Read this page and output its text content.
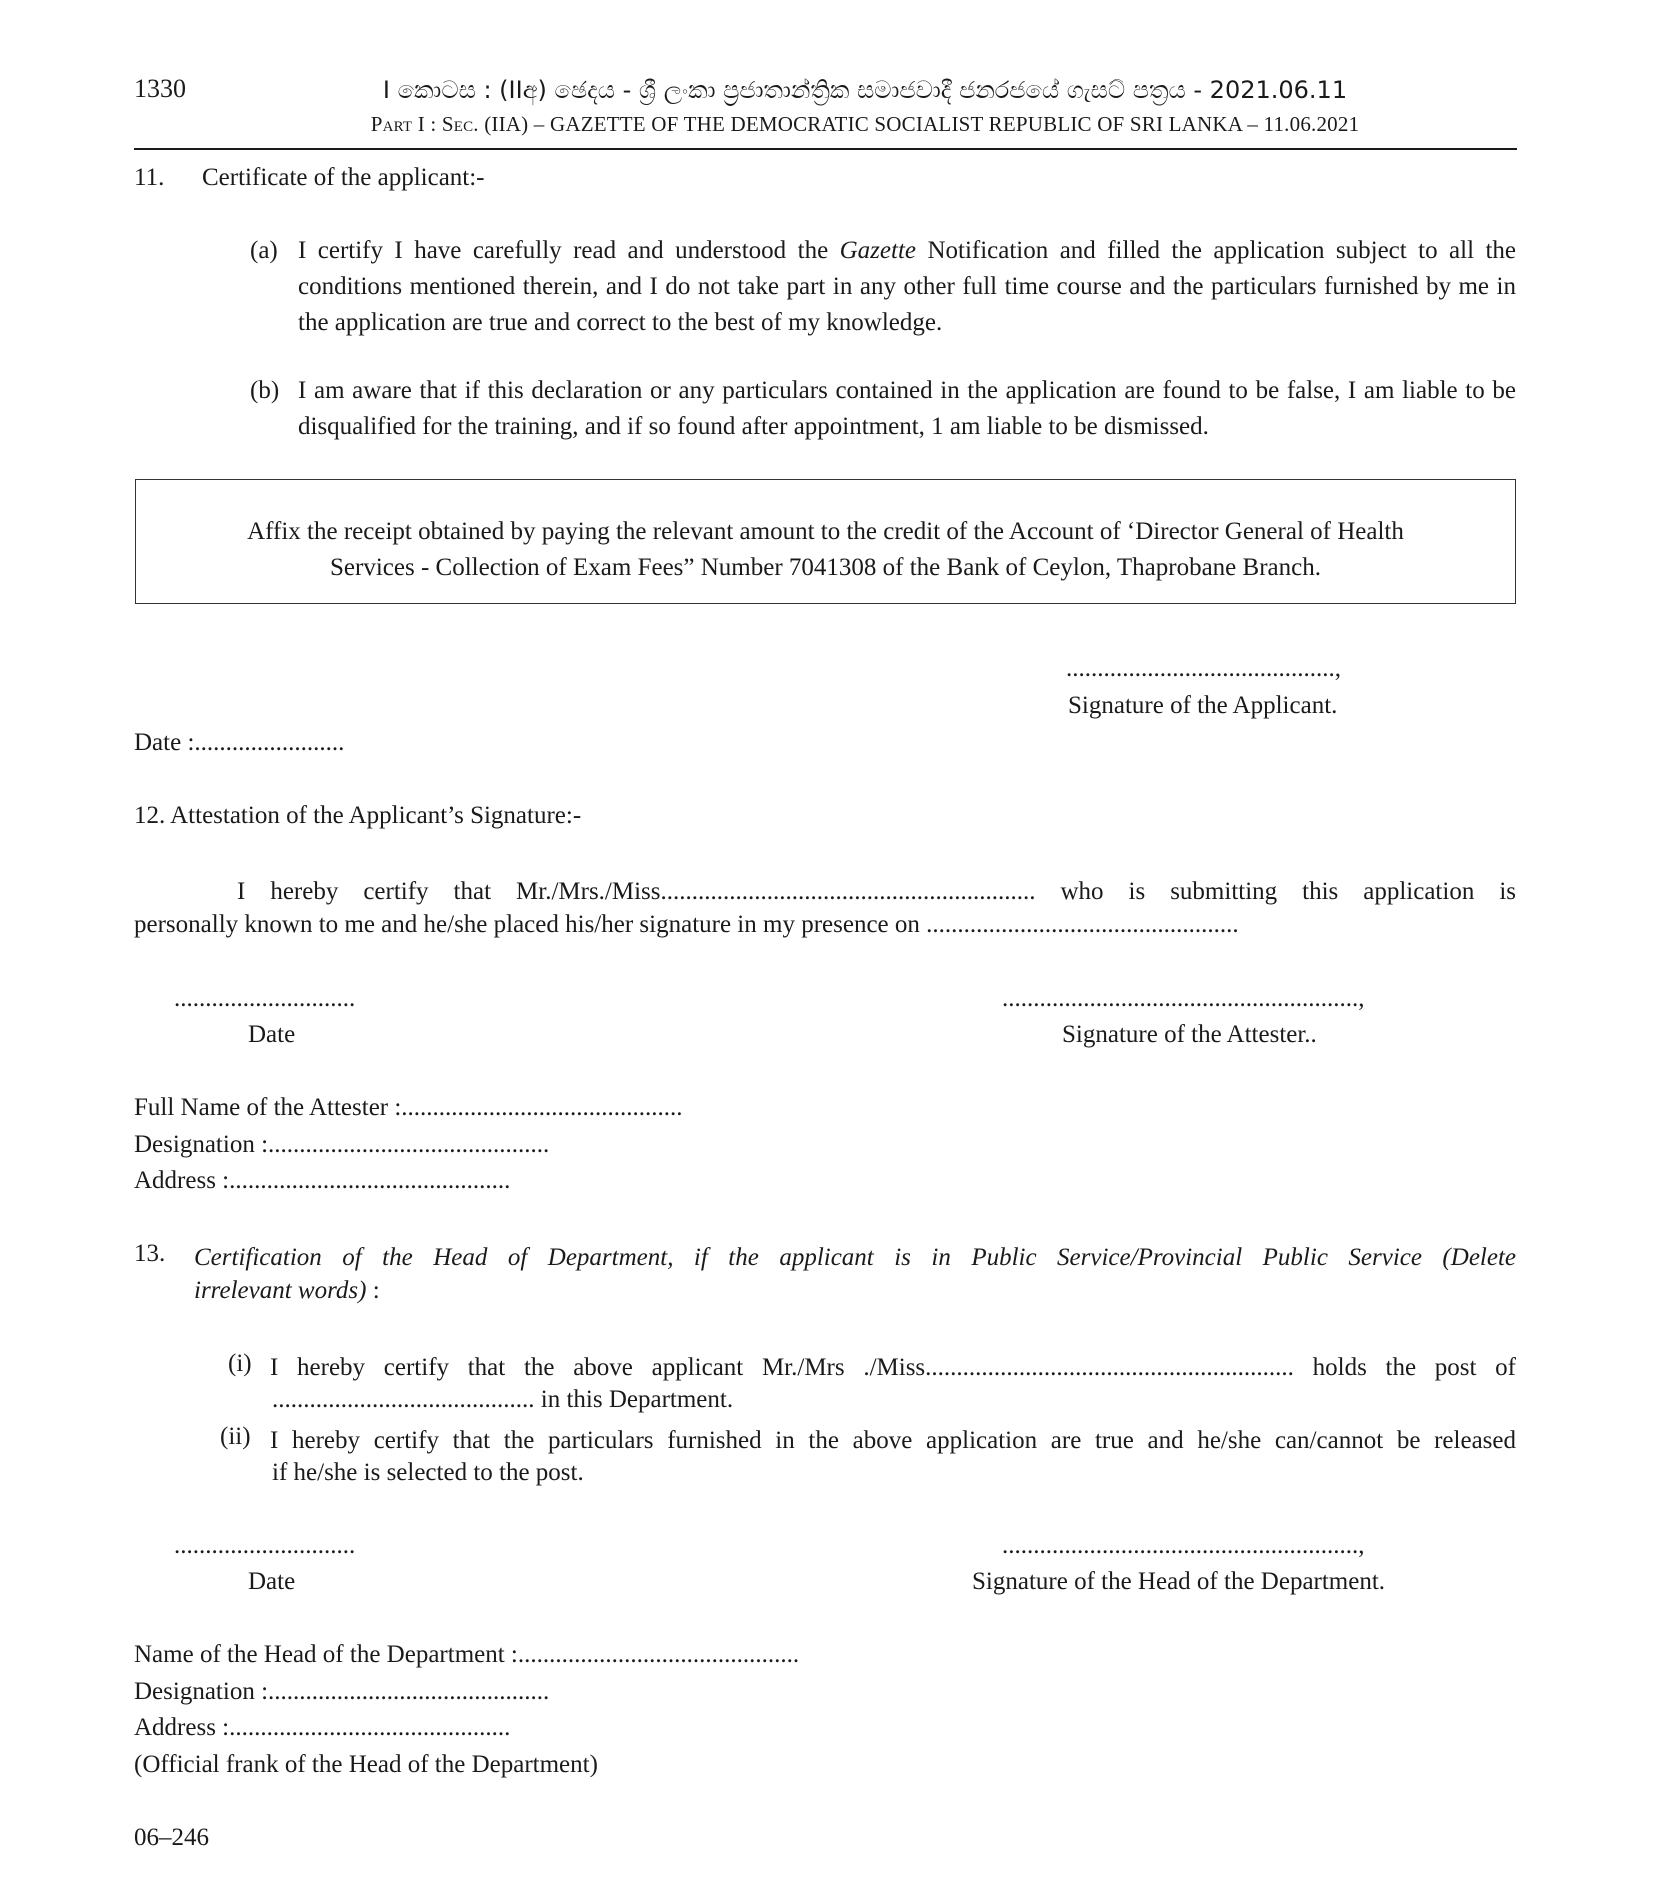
1330	I කොටස : (IIඅ) ඡෙදය - ශ්‍රී ලංකා ප්‍රජාතාන්ත්‍රික සමාජවාදී ජනරජයේ ගැසට් පත්‍රය - 2021.06.11
Part I : Sec. (IIA) – GAZETTE OF THE DEMOCRATIC SOCIALIST REPUBLIC OF SRI LANKA – 11.06.2021
11. Certificate of the applicant:-
(a) I certify I have carefully read and understood the Gazette Notification and filled the application subject to all the conditions mentioned therein, and I do not take part in any other full time course and the particulars furnished by me in the application are true and correct to the best of my knowledge.
(b) I am aware that if this declaration or any particulars contained in the application are found to be false, I am liable to be disqualified for the training, and if so found after appointment, 1 am liable to be dismissed.
Affix the receipt obtained by paying the relevant amount to the credit of the Account of ‘Director General of Health
Services - Collection of Exam Fees” Number 7041308 of the Bank of Ceylon, Thaprobane Branch.
...........................................,
Signature of the Applicant.
Date :........................
12. Attestation of the Applicant’s Signature:-
I hereby certify that Mr./Mrs./Miss............................................................ who is submitting this application is
personally known to me and he/she placed his/her signature in my presence on ..................................................
.............................
Date
.........................................................,
Signature of the Attester..
Full Name of the Attester :.............................................
Designation :.............................................
Address :.............................................
13. Certification of the Head of Department, if the applicant is in Public Service/Provincial Public Service (Delete
irrelevant words) :
(i) I hereby certify that the above applicant Mr./Mrs ./Miss........................................................... holds the post of
.......................................... in this Department.
(ii) I hereby certify that the particulars furnished in the above application are true and he/she can/cannot be released
if he/she is selected to the post.
.............................
Date
.........................................................,
Signature of the Head of the Department.
Name of the Head of the Department :.............................................
Designation :.............................................
Address :.............................................
(Official frank of the Head of the Department)
06–246
